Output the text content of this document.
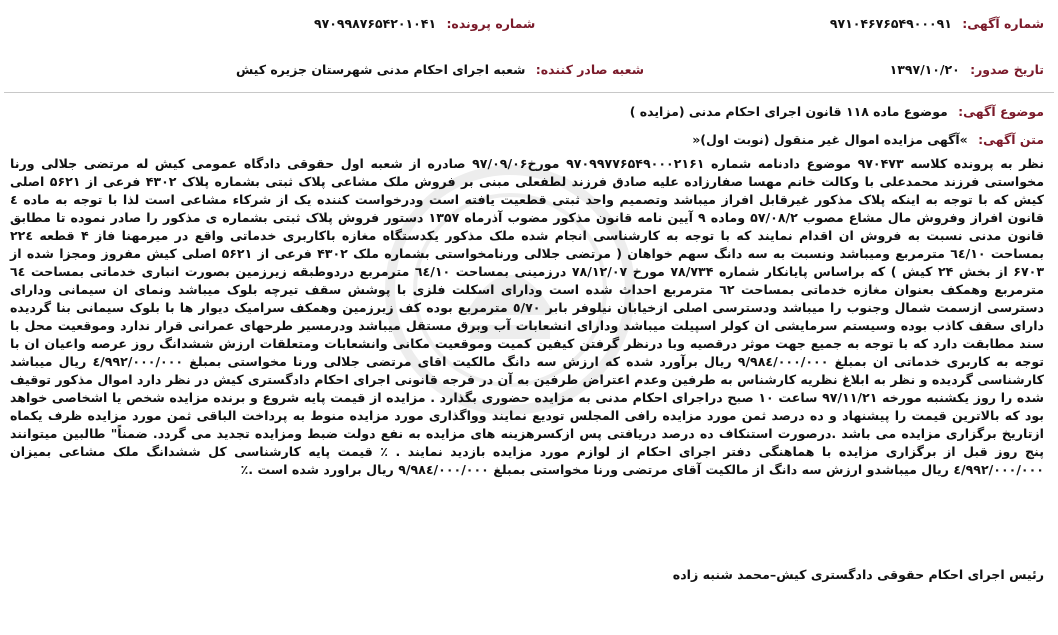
شماره آگهی: ۹۷۱۰۴۶۷۶۵۴۹۰۰۰۹۱
شماره پرونده: ۹۷۰۹۹۸۷۶۵۴۲۰۱۰۴۱
تاریخ صدور: ۱۳۹۷/۱۰/۲۰
شعبه صادر کننده: شعبه اجرای احکام مدنی شهرستان جزیره کیش
موضوع آگهی: موضوع ماده ۱۱۸ قانون اجرای احکام مدنی (مزایده )
متن آگهی: »آگهی مزایده اموال غیر منقول (نوبت اول)«
نظر به پرونده کلاسه ۹۷۰۴۷۳ موضوع دادنامه شماره ۹۷۰۹۹۷۷۶۵۴۹۰۰۰۲۱۶۱ مورخ۹۷/۰۹/۰۶ صادره از شعبه اول حقوقی دادگاه عمومی کیش له مرتضی جلالی ورنا مخواستی فرزند محمدعلی با وکالت خانم مهسا صفارزاده علیه صادق فرزند لطفعلی مبنی بر فروش ملک مشاعی پلاک ثبتی بشماره پلاک ۴۳۰۲ فرعی از ۵۶۲۱ اصلی کیش که با توجه به اینکه پلاک مذکور غیرقابل افراز میباشد وتصمیم واحد ثبتی قطعیت یافته است ودرخواست کننده یک از شرکاء مشاعی است لذا با توجه به ماده ٤ قانون افراز وفروش مال مشاع مصوب ۵۷/۰۸/۲ وماده ۹ آیین نامه قانون مذکور مضوب آذرماه ۱۳۵۷ دستور فروش پلاک ثبتی بشماره ی مذکور را صادر نموده تا مطابق قانون مدنی نسبت به فروش ان اقدام نمایند که با توجه به کارشناسی انجام شده ملک مذکور یکدستگاه مغازه باکاربری خدماتی واقع در میرمهنا فاز ۴ قطعه ۲۲٤ بمساحت ٦٤/١٠ مترمربع ومیباشد ونسبت به سه دانگ سهم خواهان ( مرتضی جلالی ورنامخواستی بشماره ملک ۴۳۰۲ فرعی از ۵۶۲۱ اصلی کیش مفروز ومجزا شده از ۶۷۰۳ از بخش ۲۴ کیش ) که براساس پایانکار شماره ۷۸/۷۳۴ مورخ ۷۸/۱۲/۰۷ درزمینی بمساحت ٦٤/١٠ مترمربع دردوطبقه زیرزمین بصورت انباری خدماتی بمساحت ٦٤ مترمربع وهمکف بعنوان مغازه خدماتی بمساحت ٦٢ مترمربع احداث شده است ودارای اسکلت فلزی با پوشش سقف تیرچه بلوک میباشد ونمای ان سیمانی ودارای دسترسی ازسمت شمال وجنوب را میباشد ودسترسی اصلی ازخیابان نیلوفر بابر ٥/٧٠ مترمربع بوده کف زیرزمین وهمکف سرامیک دیوار ها با بلوک سیمانی بنا گردیده دارای سقف کاذب بوده وسیستم سرمایشی ان کولر اسپیلت میباشد ودارای انشعابات آب وبرق مستقل میباشد ودرمسیر طرحهای عمرانی قرار ندارد وموقعیت محل با سند مطابقت دارد که با توجه به جمیع جهت موثر درقصیه وبا درنظر گرفتن کیفین کمیت وموقعیت مکانی وانشعابات ومتعلقات ارزش ششدانگ روز عرصه واعیان ان با توجه به کاربری خدماتی ان بمبلغ ٩/٩٨٤/٠٠٠/٠٠٠ ریال برآورد شده که ارزش سه دانگ مالکیت اقای مرتضی جلالی ورنا مخواستی بمبلغ ٤/٩٩٢/٠٠٠/٠٠٠ ریال میباشد کارشناسی گردیده و نظر به ابلاغ نظریه کارشناس به طرفین وعدم اعتراض طرفین به آن در فرجه قانونی اجرای احکام دادگستری کیش در نظر دارد اموال مذکور توقیف شده را روز یکشنبه مورخه ۹۷/۱۱/۲۱ ساعت ۱۰ صبح دراجرای احکام مدنی به مزایده حضوری بگذارد . مزایده از قیمت پایه شروع و برنده مزایده شخص یا اشخاصی خواهد بود که بالاترین قیمت را پیشنهاد و ده درصد ثمن مورد مزایده رافی المجلس تودیع نمایند وواگذاری مورد مزایده منوط به پرداخت الباقی ثمن مورد مزایده ظرف یکماه ازتاریخ برگزاری مزایده می باشد .درصورت استنکاف ده درصد دریافتی پس ازکسرهزینه های مزایده به نفع دولت ضبط ومزایده تجدید می گردد. ضمناً" طالبین میتوانند پنج روز قبل از برگزاری مزایده با هماهنگی دفتر اجرای احکام از لوازم مورد مزایده بازدید نمایند . ٪ قیمت پایه کارشناسی کل ششدانگ ملک مشاعی بمیزان ٤/٩٩٢/٠٠٠/٠٠٠ ریال میباشدو ارزش سه دانگ از مالکیت آقای مرتضی ورنا مخواستی بمبلغ ٩/٩٨٤/٠٠٠/٠٠٠ ریال براورد شده است .٪
رئیس اجرای احکام حقوقی دادگستری کیش–محمد شنبه زاده
